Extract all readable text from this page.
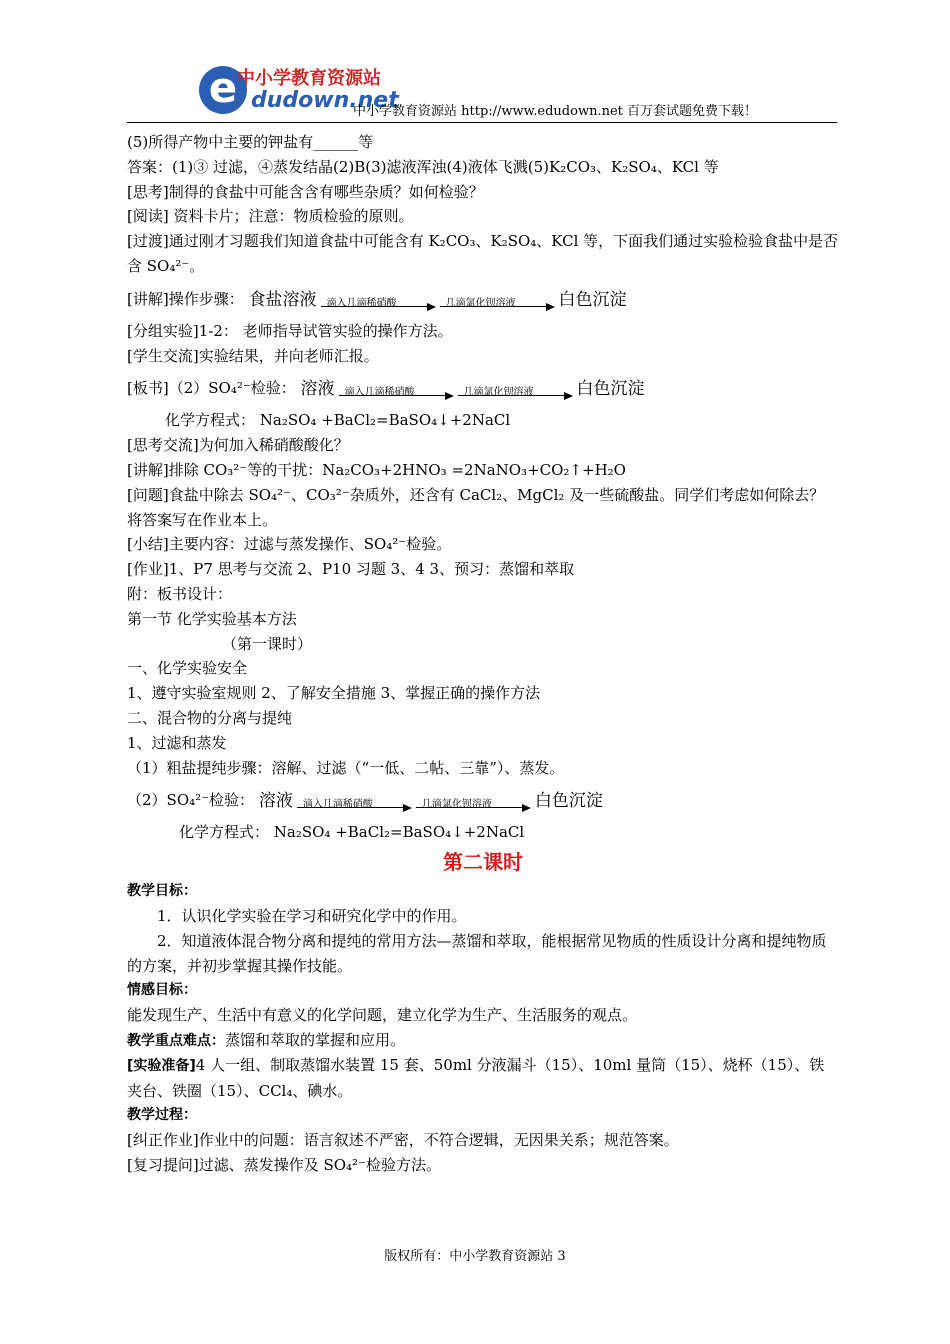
e 中小学教育资源站
dudown.net
中小学教育资源站 http://www.edudown.net 百万套试题免费下载！
(5)所得产物中主要的钾盐有______等
答案：(1)③ 过滤，④蒸发结晶(2)B(3)滤液浑浊(4)液体飞溅(5)K₂CO₃、K₂SO₄、KCl 等
[思考]制得的食盐中可能含含有哪些杂质？如何检验？
[阅读] 资料卡片；注意：物质检验的原则。
[过渡]通过刚才习题我们知道食盐中可能含有 K₂CO₃、K₂SO₄、KCl 等，下面我们通过实验检验食盐中是否含 SO₄²⁻。
[讲解]操作步骤： 食盐溶液 滴入几滴稀硝酸	几滴氯化钡溶液	白色沉淀
[分组实验]1-2： 老师指导试管实验的操作方法。
[学生交流]实验结果，并向老师汇报。
[板书]（2）SO₄²⁻检验： 溶液 滴入几滴稀硝酸	几滴氯化钡溶液	白色沉淀
化学方程式： Na₂SO₄ +BaCl₂=BaSO₄↓+2NaCl
[思考交流]为何加入稀硝酸酸化？
[讲解]排除 CO₃²⁻等的干扰：Na₂CO₃+2HNO₃ =2NaNO₃+CO₂↑+H₂O
[问题]食盐中除去 SO₄²⁻、CO₃²⁻杂质外，还含有 CaCl₂、MgCl₂ 及一些硫酸盐。同学们考虑如何除去？将答案写在作业本上。
[小结]主要内容：过滤与蒸发操作、SO₄²⁻检验。
[作业]1、P7 思考与交流 2、P10 习题 3、4 3、预习：蒸馏和萃取
附：板书设计：
第一节 化学实验基本方法
（第一课时）
一、化学实验安全
1、遵守实验室规则 2、了解安全措施 3、掌握正确的操作方法
二、混合物的分离与提纯
1、过滤和蒸发
（1）粗盐提纯步骤：溶解、过滤（“一低、二帖、三靠”）、蒸发。
（2）SO₄²⁻检验： 溶液 滴入几滴稀硝酸	几滴氯化钡溶液	白色沉淀
化学方程式： Na₂SO₄ +BaCl₂=BaSO₄↓+2NaCl
第二课时
教学目标：
1．认识化学实验在学习和研究化学中的作用。
2．知道液体混合物分离和提纯的常用方法—蒸馏和萃取，能根据常见物质的性质设计分离和提纯物质的方案，并初步掌握其操作技能。
情感目标：
能发现生产、生活中有意义的化学问题，建立化学为生产、生活服务的观点。
教学重点难点：蒸馏和萃取的掌握和应用。
[实验准备]4 人一组、制取蒸馏水装置 15 套、50ml 分液漏斗（15）、10ml 量筒（15）、烧杯（15）、铁夹台、铁圈（15）、CCl₄、碘水。
教学过程：
[纠正作业]作业中的问题：语言叙述不严密，不符合逻辑，无因果关系；规范答案。
[复习提问]过滤、蒸发操作及 SO₄²⁻检验方法。
版权所有：中小学教育资源站 3
